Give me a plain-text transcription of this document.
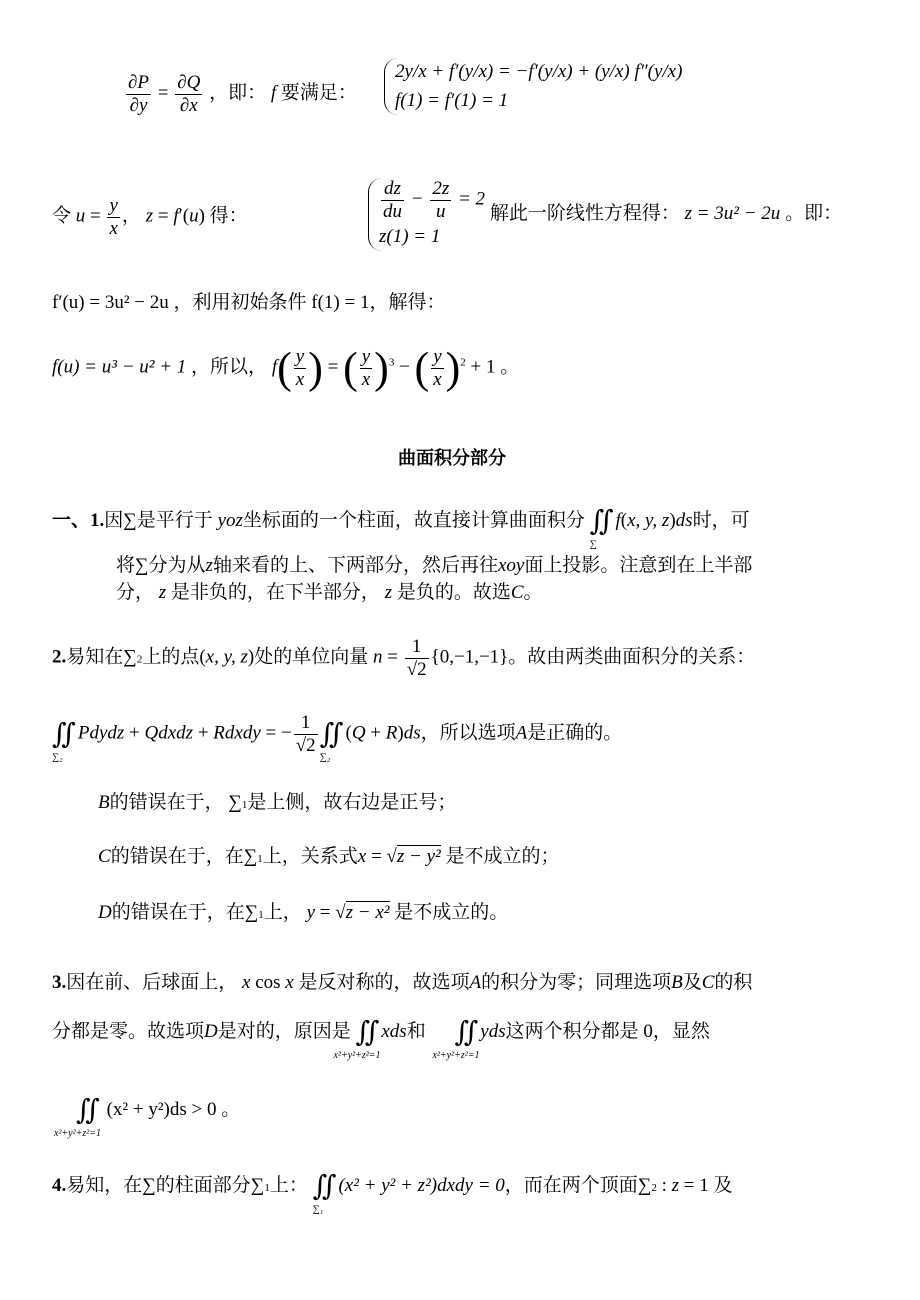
$\frac{\partial P}{\partial y} = \frac{\partial Q}{\partial x}$ ，即： f 要满足：
2y/x + f′(y/x) = −f′(y/x) + (y/x) f″(y/x)
f(1) = f′(1) = 1
令 $u = \frac{y}{x}$ ， z = f′(u) 得：	$\frac{dz}{du} - \frac{2z}{u} = 2$
z(1) = 1
解此一阶线性方程得： z = 3u² − 2u 。即：
f′(u) = 3u² − 2u ，利用初始条件 f(1) = 1，解得：
f(u) = u³ − u² + 1 ，所以， $f( \frac{y}{x}$ ) = ( $\frac{y}{x} )^3$ − ( $\frac{y}{x} )^2 + 1$ 。
曲面积分部分
一、1.因∑是平行于 yoz坐标面的一个柱面，故直接计算曲面积分 ∬
∑
f(x, y, z)ds时，可
将∑分为从z轴来看的上、下两部分，然后再往xoy面上投影。注意到在上半部
分， z 是非负的，在下半部分， z 是负的。故选C。
2.易知在∑2上的点(x, y, z)处的单位向量 $n = \frac{1}{√2} \{0,-1,-1\}$。故由两类曲面积分的关系：
∬
∑₂
Pdydz + Qdxdz + Rdxdy = − $\frac{1}{√2}$ ∬
∑₂
(Q + R)ds，所以选项A是正确的。
B的错误在于， ∑1是上侧，故右边是正号；
C的错误在于，在∑1上，关系式x = √z − y² 是不成立的；
D的错误在于，在∑1上， y = √z − x² 是不成立的。
3.因在前、后球面上， x cos x 是反对称的，故选项A的积分为零；同理选项B及C的积
分都是零。故选项D是对的，原因是 ∬
x²+y²+z²=1
xds和 ∬
x²+y²+z²=1
yds这两个积分都是 0，显然
∬
x²+y²+z²=1
(x² + y²)ds > 0 。
4.易知，在∑的柱面部分∑1上： ∬
∑₁
(x² + y² + z²)dxdy = 0，而在两个顶面∑2 : z = 1 及
